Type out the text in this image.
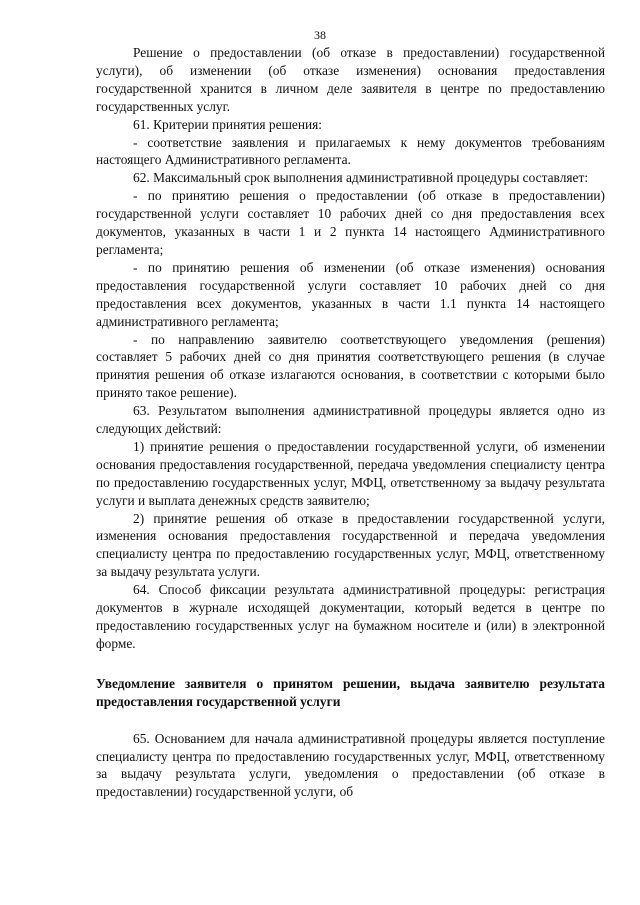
38

Решение о предоставлении (об отказе в предоставлении) государственной услуги), об изменении (об отказе изменения) основания предоставления государственной хранится в личном деле заявителя в центре по предоставлению государственных услуг.

61. Критерии принятия решения:

- соответствие заявления и прилагаемых к нему документов требованиям настоящего Административного регламента.

62. Максимальный срок выполнения административной процедуры составляет:

- по принятию решения о предоставлении (об отказе в предоставлении) государственной услуги составляет 10 рабочих дней со дня предоставления всех документов, указанных в части 1 и 2 пункта 14 настоящего Административного регламента;

- по принятию решения об изменении (об отказе изменения) основания предоставления государственной услуги составляет 10 рабочих дней со дня предоставления всех документов, указанных в части 1.1 пункта 14 настоящего административного регламента;

- по направлению заявителю соответствующего уведомления (решения) составляет 5 рабочих дней со дня принятия соответствующего решения (в случае принятия решения об отказе излагаются основания, в соответствии с которыми было принято такое решение).

63. Результатом выполнения административной процедуры является одно из следующих действий:

1) принятие решения о предоставлении государственной услуги, об изменении основания предоставления государственной, передача уведомления специалисту центра по предоставлению государственных услуг, МФЦ, ответственному за выдачу результата услуги и выплата денежных средств заявителю;

2) принятие решения об отказе в предоставлении государственной услуги, изменения основания предоставления государственной и передача уведомления специалисту центра по предоставлению государственных услуг, МФЦ, ответственному за выдачу результата услуги.

64. Способ фиксации результата административной процедуры: регистрация документов в журнале исходящей документации, который ведется в центре по предоставлению государственных услуг на бумажном носителе и (или) в электронной форме.

Уведомление заявителя о принятом решении, выдача заявителю результата предоставления государственной услуги

65. Основанием для начала административной процедуры является поступление специалисту центра по предоставлению государственных услуг, МФЦ, ответственному за выдачу результата услуги, уведомления о предоставлении (об отказе в предоставлении) государственной услуги, об
